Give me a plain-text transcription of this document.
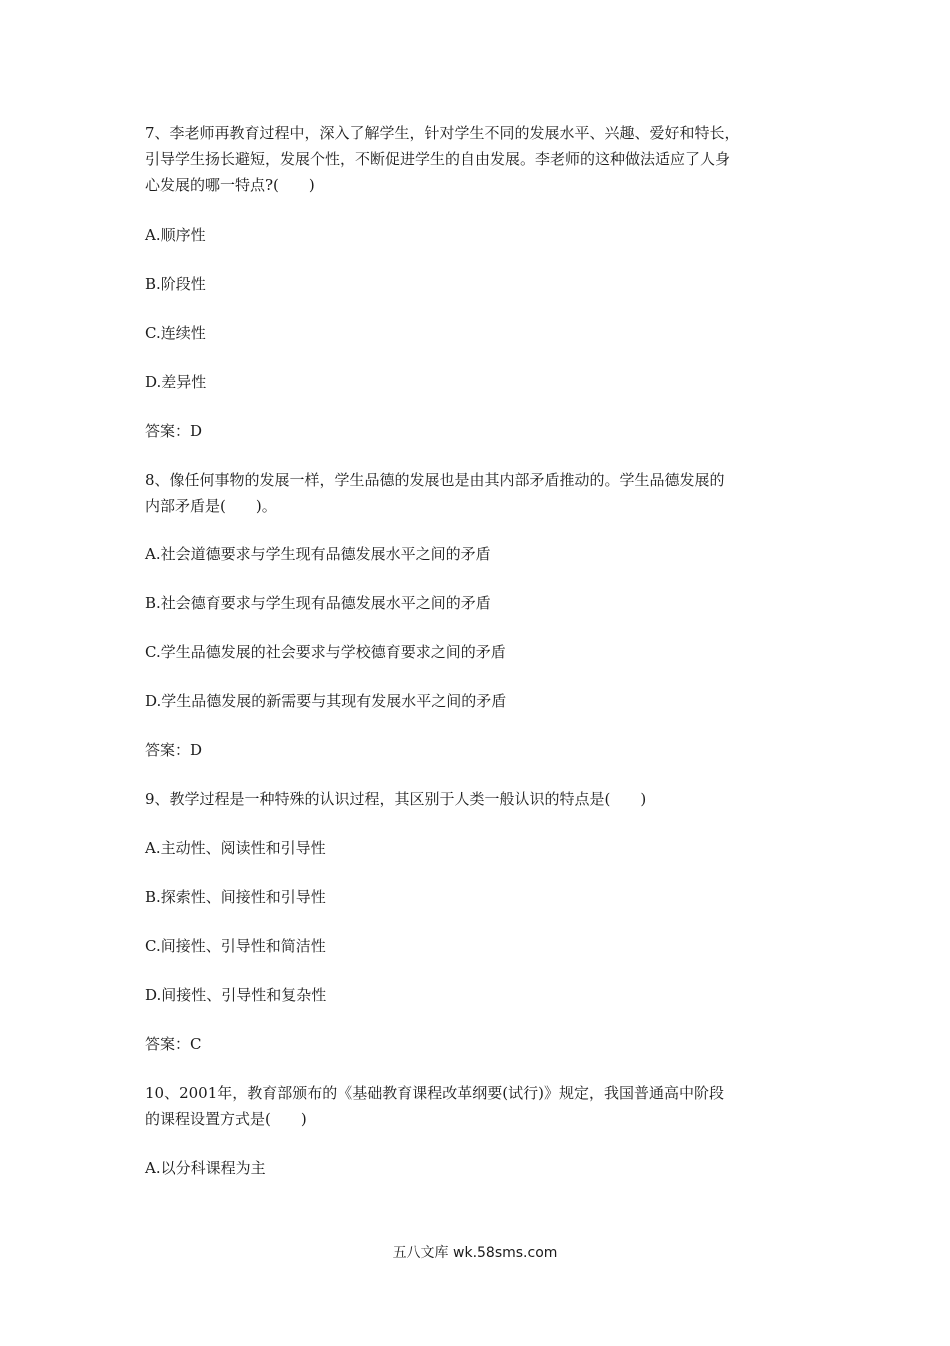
7、李老师再教育过程中，深入了解学生，针对学生不同的发展水平、兴趣、爱好和特长，
引导学生扬长避短，发展个性，不断促进学生的自由发展。李老师的这种做法适应了人身
心发展的哪一特点?(　　)
A.顺序性
B.阶段性
C.连续性
D.差异性
答案：D
8、像任何事物的发展一样，学生品德的发展也是由其内部矛盾推动的。学生品德发展的
内部矛盾是(　　)。
A.社会道德要求与学生现有品德发展水平之间的矛盾
B.社会德育要求与学生现有品德发展水平之间的矛盾
C.学生品德发展的社会要求与学校德育要求之间的矛盾
D.学生品德发展的新需要与其现有发展水平之间的矛盾
答案：D
9、教学过程是一种特殊的认识过程，其区别于人类一般认识的特点是(　　)
A.主动性、阅读性和引导性
B.探索性、间接性和引导性
C.间接性、引导性和简洁性
D.间接性、引导性和复杂性
答案：C
10、2001年，教育部颁布的《基础教育课程改革纲要(试行)》规定，我国普通高中阶段
的课程设置方式是(　　)
A.以分科课程为主
五八文库 wk.58sms.com
